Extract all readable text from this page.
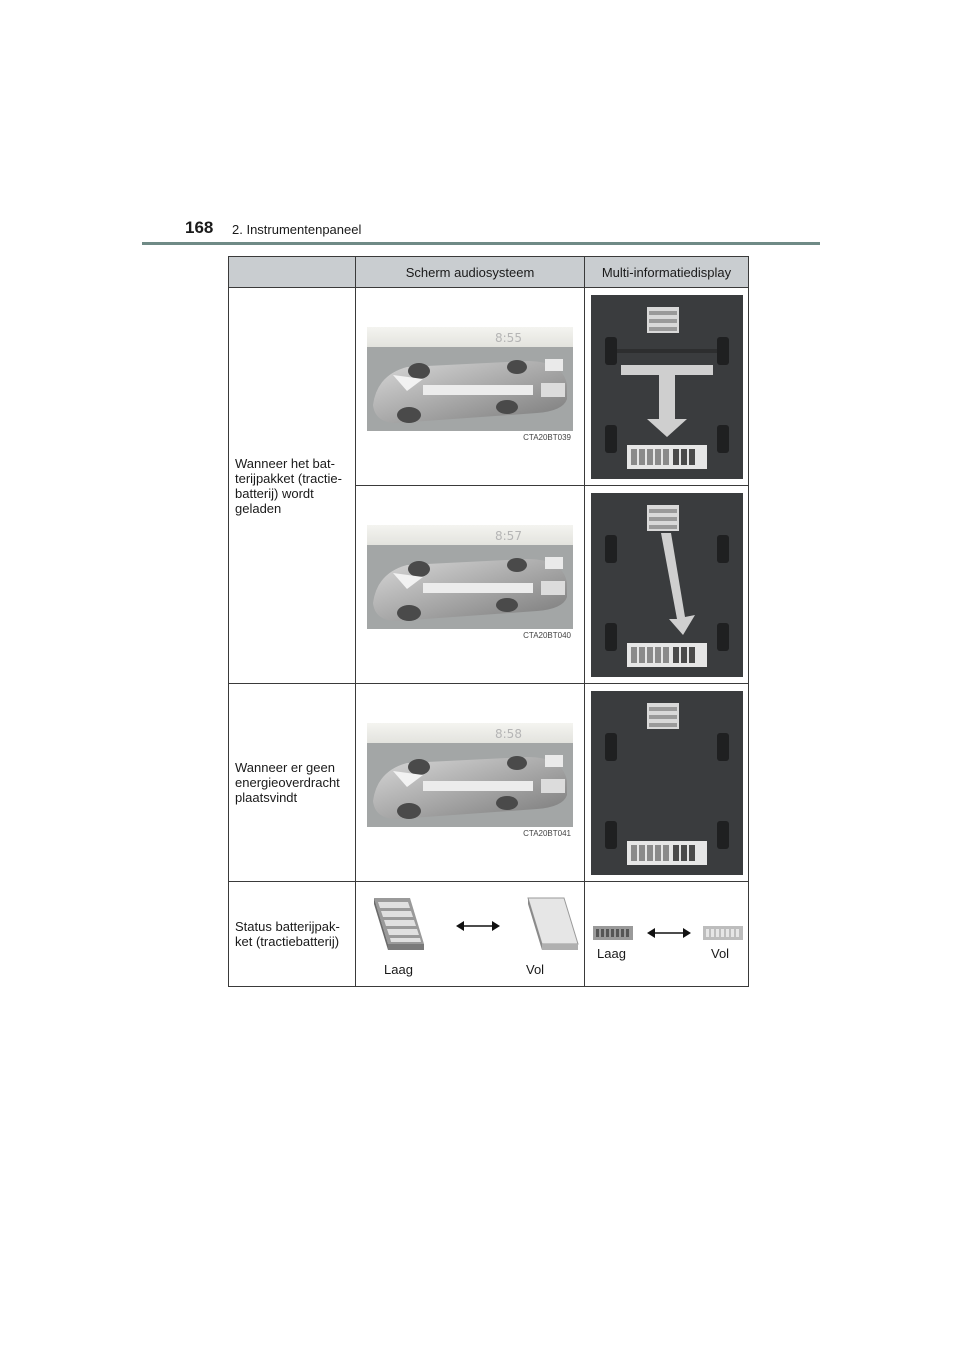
168 2. Instrumentenpaneel
	Scherm audiosysteem	Multi-informatiedisplay
Wanneer het bat-
terijpakket (tractie-
batterij) wordt
geladen	8:55
CTA20BT039

8:57
CTA20BT040

Wanneer er geen
energieoverdracht
plaatsvindt	8:58
CTA20BT041

Status batterijpak-
ket (tractiebatterij)	Laag Vol	Laag Vol
